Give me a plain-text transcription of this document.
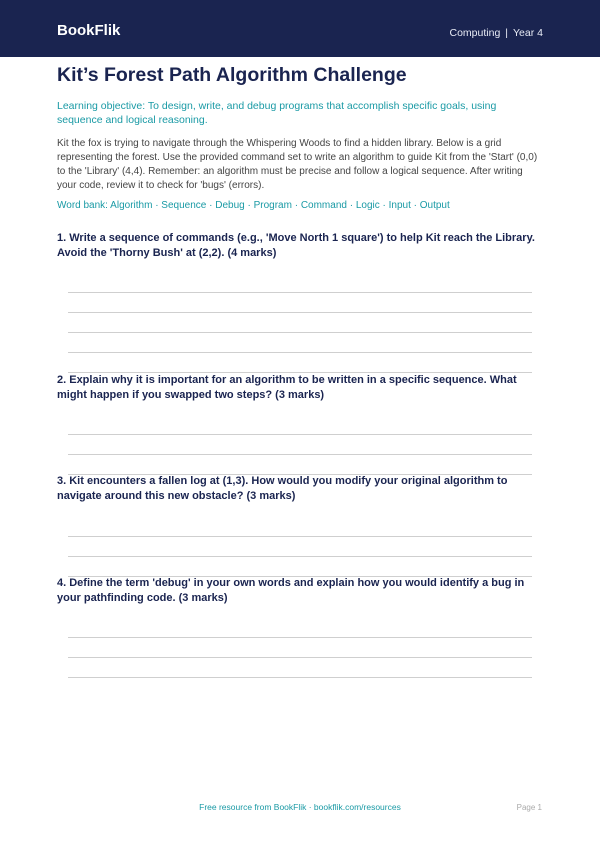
BookFlik	Computing | Year 4
Kit’s Forest Path Algorithm Challenge

Learning objective: To design, write, and debug programs that accomplish specific goals, using sequence and logical reasoning.

Kit the fox is trying to navigate through the Whispering Woods to find a hidden library. Below is a grid representing the forest. Use the provided command set to write an algorithm to guide Kit from the 'Start' (0,0) to the 'Library' (4,4). Remember: an algorithm must be precise and follow a logical sequence. After writing your code, review it to check for 'bugs' (errors).

Word bank: Algorithm · Sequence · Debug · Program · Command · Logic · Input · Output

1. Write a sequence of commands (e.g., 'Move North 1 square') to help Kit reach the Library. Avoid the 'Thorny Bush' at (2,2). (4 marks)

2. Explain why it is important for an algorithm to be written in a specific sequence. What might happen if you swapped two steps? (3 marks)

3. Kit encounters a fallen log at (1,3). How would you modify your original algorithm to navigate around this new obstacle? (3 marks)

4. Define the term 'debug' in your own words and explain how you would identify a bug in your pathfinding code. (3 marks)

Free resource from BookFlik · bookflik.com/resources	Page 1
